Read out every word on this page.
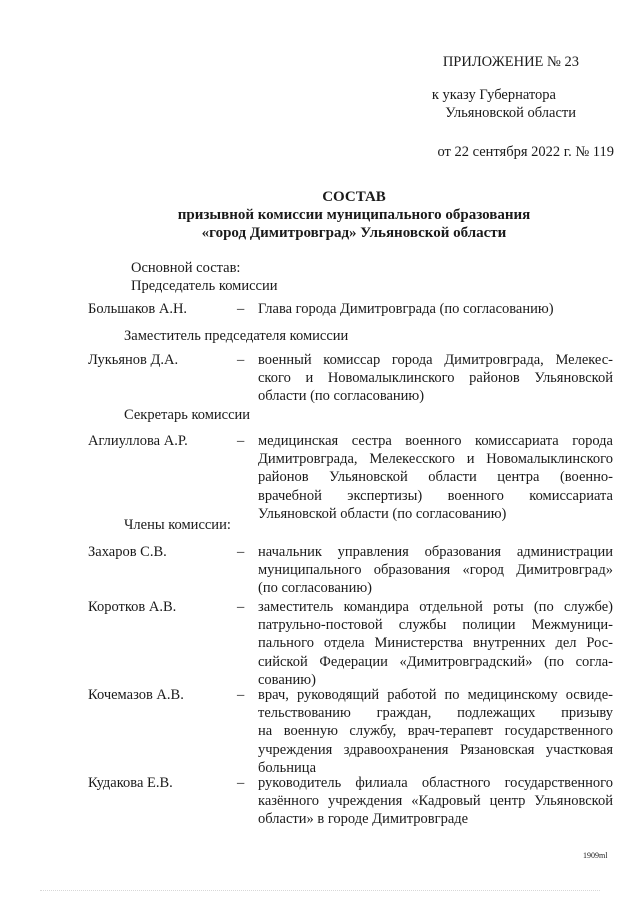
ПРИЛОЖЕНИЕ № 23
к указу Губернатора
Ульяновской области
от 22 сентября 2022 г. № 119
СОСТАВ
призывной комиссии муниципального образования
«город Димитровград» Ульяновской области
Основной состав:
Председатель комиссии
Заместитель председателя комиссии
Секретарь комиссии
Члены комиссии:
Большаков А.Н.	– Глава города Димитровграда (по согласованию)
Лукьянов Д.А.	– военный комиссар города Димитровграда, Мелекес-
ского и Новомалыклинского районов Ульяновской
области (по согласованию)
Аглиуллова А.Р.	– медицинская сестра военного комиссариата города
Димитровграда, Мелекесского и Новомалыклинского
районов Ульяновской области центра (военно-
врачебной экспертизы) военного комиссариата
Ульяновской области (по согласованию)
Захаров С.В.	– начальник управления образования администрации
муниципального образования «город Димитровград»
(по согласованию)
Коротков А.В.	– заместитель командира отдельной роты (по службе)
патрульно-постовой службы полиции Межмуници-
пального отдела Министерства внутренних дел Рос-
сийской Федерации «Димитровградский» (по согла-
сованию)
Кочемазов А.В.	– врач, руководящий работой по медицинскому освиде-
тельствованию граждан, подлежащих призыву
на военную службу, врач-терапевт государственного
учреждения здравоохранения Рязановская участковая
больница
Кудакова Е.В.	– руководитель филиала областного государственного
казённого учреждения «Кадровый центр Ульяновской
области» в городе Димитровграде
1909ml
